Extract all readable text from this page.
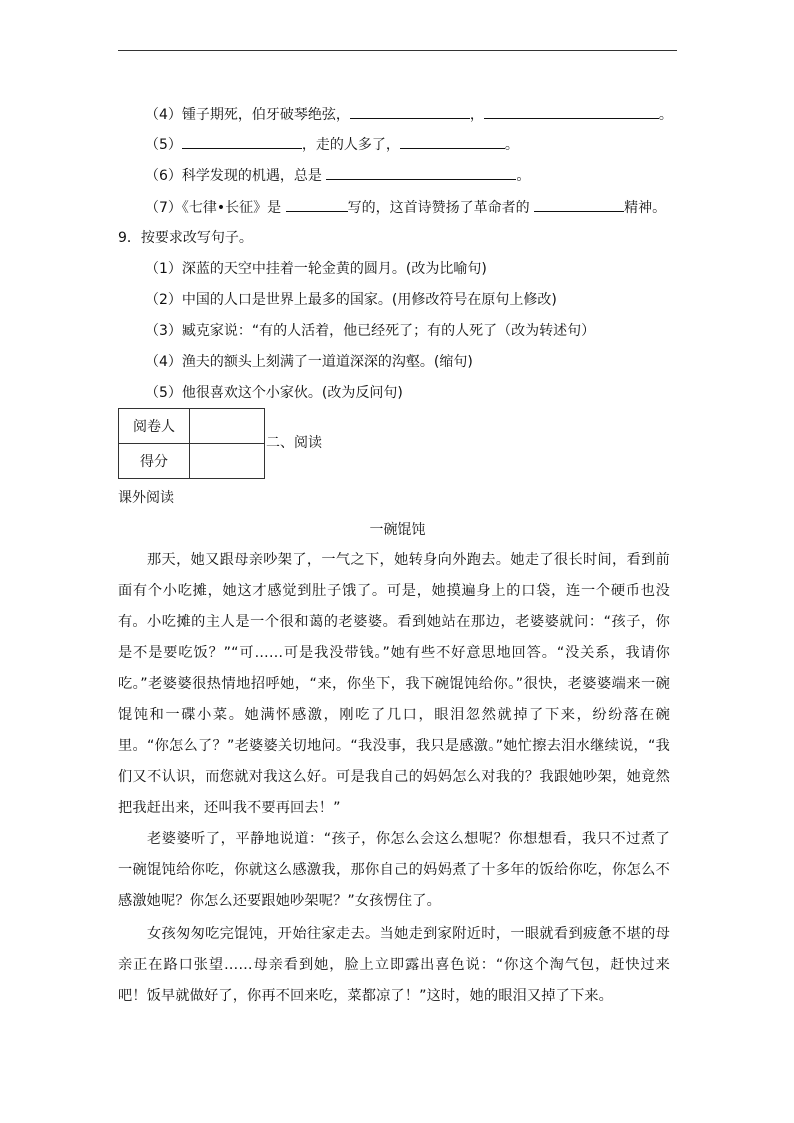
（4）锺子期死，伯牙破琴绝弦，	，	。
（5）	，走的人多了，	。
（6）科学发现的机遇，总是	。
（7）《七律•长征》是	写的，这首诗赞扬了革命者的	精神。
9．按要求改写句子。
（1）深蓝的天空中挂着一轮金黄的圆月。(改为比喻句)
（2）中国的人口是世界上最多的国家。(用修改符号在原句上修改)
（3）臧克家说：“有的人活着，他已经死了；有的人死了（改为转述句）
（4）渔夫的额头上刻满了一道道深深的沟壑。(缩句)
（5）他很喜欢这个小家伙。(改为反问句)
阅卷人	
得分	
二、阅读
课外阅读
一碗馄饨
那天，她又跟母亲吵架了，一气之下，她转身向外跑去。她走了很长时间，看到前面有个小吃摊，她这才感觉到肚子饿了。可是，她摸遍身上的口袋，连一个硬币也没有。 小吃摊的主人是一个很和蔼的老婆婆。看到她站在那边，老婆婆就问：“孩子，你是不是要吃饭？”“可……可是我没带钱。”她有些不好意思地回答。“没关系，我请你吃。”老婆婆很热情地招呼她，“来，你坐下，我下碗馄饨给你。”很快，老婆婆端来一碗馄饨和一碟小菜。她满怀感激，刚吃了几口，眼泪忽然就掉了下来，纷纷落在碗里。“你怎么了？”老婆婆关切地问。“我没事，我只是感激。”她忙擦去泪水继续说，“我们又不认识，而您就对我这么好。可是我自己的妈妈怎么对我的？我跟她吵架，她竟然把我赶出来，还叫我不要再回去！”
老婆婆听了，平静地说道：“孩子，你怎么会这么想呢？你想想看，我只不过煮了一碗馄饨给你吃，你就这么感激我，那你自己的妈妈煮了十多年的饭给你吃，你怎么不感激她呢？你怎么还要跟她吵架呢？”女孩愣住了。
女孩匆匆吃完馄饨，开始往家走去。当她走到家附近时，一眼就看到疲惫不堪的母亲正在路口张望……母亲看到她，脸上立即露出喜色说：“你这个淘气包，赶快过来吧！饭早就做好了，你再不回来吃，菜都凉了！”这时，她的眼泪又掉了下来。
